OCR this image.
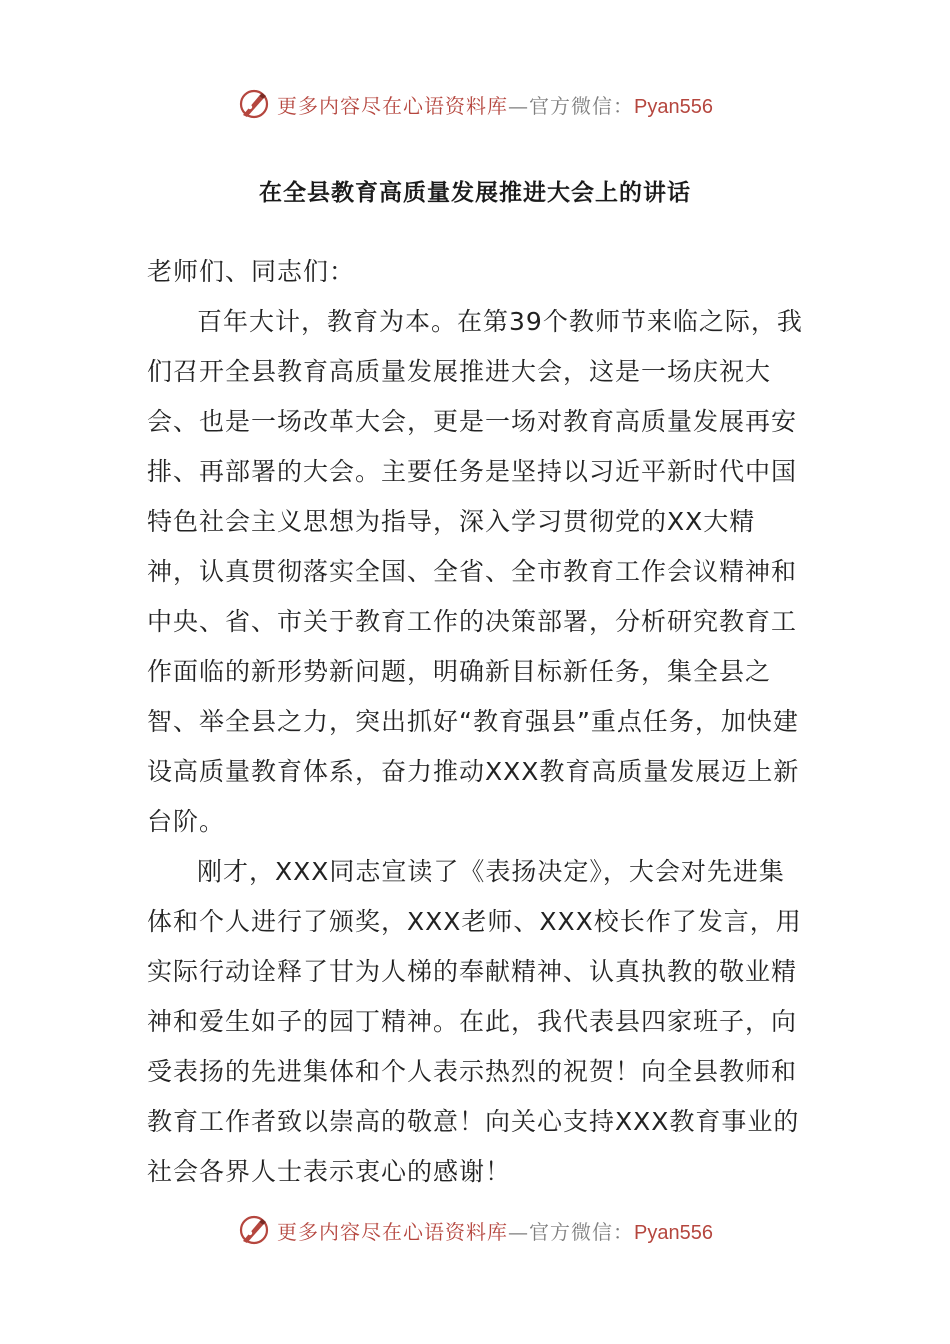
更多内容尽在心语资料库—官方微信：Pyan556
在全县教育高质量发展推进大会上的讲话

老师们、同志们：

百年大计，教育为本。在第39个教师节来临之际，我们召开全县教育高质量发展推进大会，这是一场庆祝大会、也是一场改革大会，更是一场对教育高质量发展再安排、再部署的大会。主要任务是坚持以习近平新时代中国特色社会主义思想为指导，深入学习贯彻党的XX大精神，认真贯彻落实全国、全省、全市教育工作会议精神和中央、省、市关于教育工作的决策部署，分析研究教育工作面临的新形势新问题，明确新目标新任务，集全县之智、举全县之力，突出抓好“教育强县”重点任务，加快建设高质量教育体系，奋力推动XXX教育高质量发展迈上新台阶。

刚才，XXX同志宣读了《表扬决定》，大会对先进集体和个人进行了颁奖，XXX老师、XXX校长作了发言，用实际行动诠释了甘为人梯的奉献精神、认真执教的敬业精神和爱生如子的园丁精神。在此，我代表县四家班子，向受表扬的先进集体和个人表示热烈的祝贺！向全县教师和教育工作者致以崇高的敬意！向关心支持XXX教育事业的社会各界人士表示衷心的感谢！

更多内容尽在心语资料库—官方微信：Pyan556
